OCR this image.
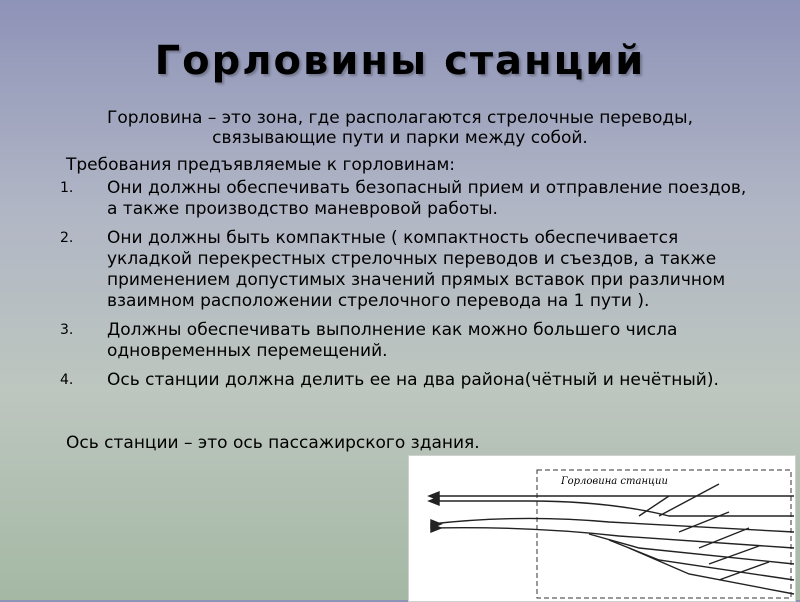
Горловины станций
Горловина – это зона, где располагаются стрелочные переводы, связывающие пути и парки между собой.
Требования предъявляемые к горловинам:
1. Они должны обеспечивать безопасный прием и отправление поездов, а также производство маневровой работы.
2. Они должны быть компактные ( компактность обеспечивается укладкой перекрестных стрелочных переводов и съездов, а также применением допустимых значений прямых вставок при различном взаимном расположении стрелочного перевода на 1 пути ).
3. Должны обеспечивать выполнение как можно большего числа одновременных перемещений.
4. Ось станции должна делить ее на два района(чётный и нечётный).
Ось станции – это ось пассажирского здания.
Горловина станции
